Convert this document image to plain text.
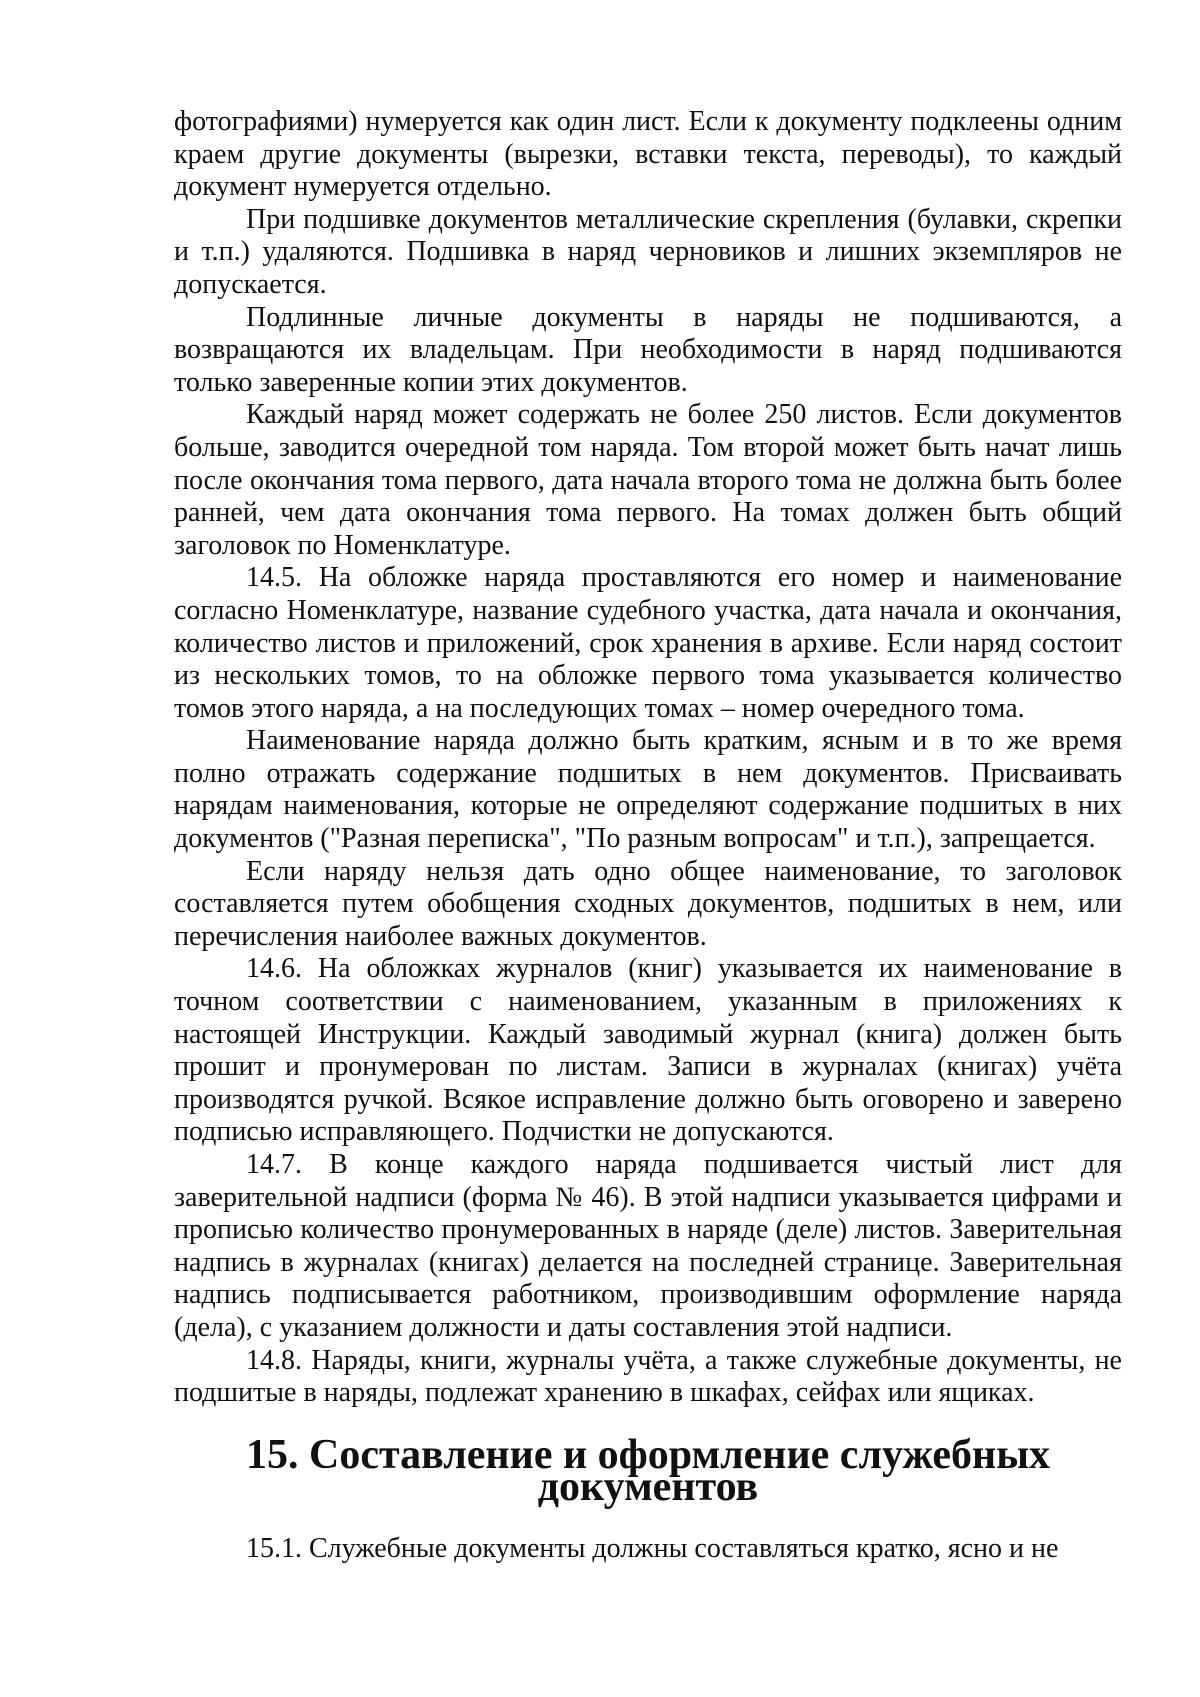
фотографиями) нумеруется как один лист. Если к документу подклеены одним краем другие документы (вырезки, вставки текста, переводы), то каждый документ нумеруется отдельно.

При подшивке документов металлические скрепления (булавки, скрепки и т.п.) удаляются. Подшивка в наряд черновиков и лишних экземпляров не допускается.

Подлинные личные документы в наряды не подшиваются, а возвращаются их владельцам. При необходимости в наряд подшиваются только заверенные копии этих документов.

Каждый наряд может содержать не более 250 листов. Если документов больше, заводится очередной том наряда. Том второй может быть начат лишь после окончания тома первого, дата начала второго тома не должна быть более ранней, чем дата окончания тома первого. На томах должен быть общий заголовок по Номенклатуре.

14.5. На обложке наряда проставляются его номер и наименование согласно Номенклатуре, название судебного участка, дата начала и окончания, количество листов и приложений, срок хранения в архиве. Если наряд состоит из нескольких томов, то на обложке первого тома указывается количество томов этого наряда, а на последующих томах – номер очередного тома.

Наименование наряда должно быть кратким, ясным и в то же время полно отражать содержание подшитых в нем документов. Присваивать нарядам наименования, которые не определяют содержание подшитых в них документов ("Разная переписка", "По разным вопросам" и т.п.), запрещается.

Если наряду нельзя дать одно общее наименование, то заголовок составляется путем обобщения сходных документов, подшитых в нем, или перечисления наиболее важных документов.

14.6. На обложках журналов (книг) указывается их наименование в точном соответствии с наименованием, указанным в приложениях к настоящей Инструкции. Каждый заводимый журнал (книга) должен быть прошит и пронумерован по листам. Записи в журналах (книгах) учёта производятся ручкой. Всякое исправление должно быть оговорено и заверено подписью исправляющего. Подчистки не допускаются.

14.7. В конце каждого наряда подшивается чистый лист для заверительной надписи (форма № 46). В этой надписи указывается цифрами и прописью количество пронумерованных в наряде (деле) листов. Заверительная надпись в журналах (книгах) делается на последней странице. Заверительная надпись подписывается работником, производившим оформление наряда (дела), с указанием должности и даты составления этой надписи.

14.8. Наряды, книги, журналы учёта, а также служебные документы, не подшитые в наряды, подлежат хранению в шкафах, сейфах или ящиках.

15. Составление и оформление служебных документов

15.1. Служебные документы должны составляться кратко, ясно и не
